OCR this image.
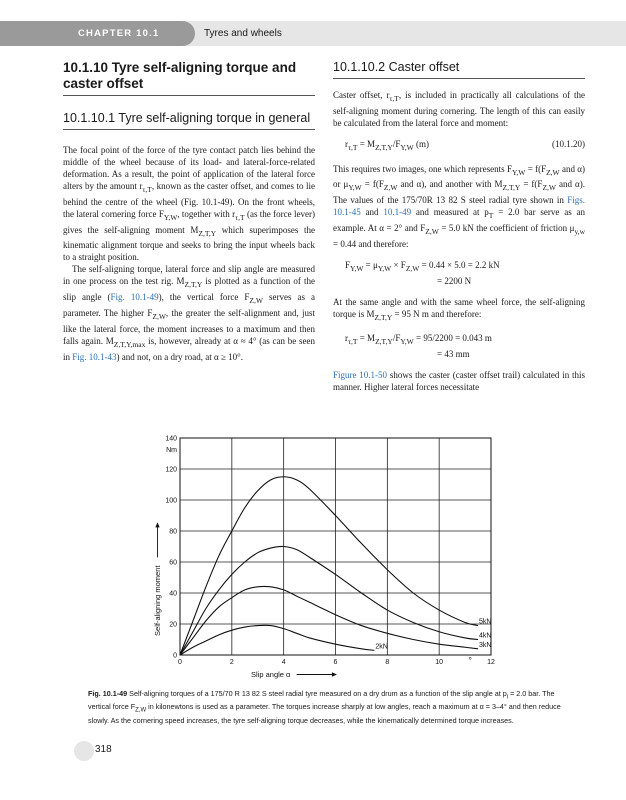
CHAPTER 10.1	Tyres and wheels
10.1.10 Tyre self-aligning torque and caster offset
10.1.10.1 Tyre self-aligning torque in general

The focal point of the force of the tyre contact patch lies behind the middle of the wheel because of its load- and lateral-force-related deformation. As a result, the point of application of the lateral force alters by the amount $r_{\tau,T}$, known as the caster offset, and comes to lie behind the centre of the wheel (Fig. 10.1-49). On the front wheels, the lateral cornering force $F_{Y,W}$, together with $r_{\tau,T}$ (as the force lever) gives the self-aligning moment $M_{Z,T,Y}$ which superimposes the kinematic alignment torque and seeks to bring the input wheels back to a straight position.

The self-aligning torque, lateral force and slip angle are measured in one process on the test rig. $M_{Z,T,Y}$ is plotted as a function of the slip angle (Fig. 10.1-49), the vertical force $F_{Z,W}$ serves as a parameter. The higher $F_{Z,W}$, the greater the self-alignment and, just like the lateral force, the moment increases to a maximum and then falls again. $M_{Z,T,Y,max}$ is, however, already at α ≈ 4° (as can be seen in Fig. 10.1-43) and not, on a dry road, at α ≥ 10°.

10.1.10.2 Caster offset

Caster offset, $r_{\tau,T}$, is included in practically all calculations of the self-aligning moment during cornering. The length of this can easily be calculated from the lateral force and moment:

$r_{\tau,T} = M_{Z,T,Y}/F_{Y,W}$ (m)	(10.1.20)

This requires two images, one which represents $F_{Y,W} = f(F_{Z,W}$ and α) or $\mu_{Y,W} = f(F_{Z,W}$ and α), and another with $M_{Z,T,Y} = f(F_{Z,W}$ and α). The values of the 175/70R 13 82 S steel radial tyre shown in Figs. 10.1-45 and 10.1-49 and measured at $p_T = 2.0$ bar serve as an example. At α = 2° and $F_{Z,W} = 5.0$ kN the coefficient of friction $\mu_{y,w} = 0.44$ and therefore:

$F_{Y,W} = \mu_{Y,W} \times F_{Z,W} = 0.44 \times 5.0 = 2.2$ kN
= 2200 N

At the same angle and with the same wheel force, the self-aligning torque is $M_{Z,T,Y} = 95$ N m and therefore:

$r_{\tau,T} = M_{Z,T,Y}/F_{Y,W} = 95/2200 = 0.043$ m
= 43 mm

Figure 10.1-50 shows the caster (caster offset trail) calculated in this manner. Higher lateral forces necessitate

0	2	4	6	8	10	12
0
20
40
60
80
100
120
140
Nm
°
Slip angle α
Self-aligning moment	5kN
4kN
3kN
2kN
Fig. 10.1-49 Self-aligning torques of a 175/70 R 13 82 S steel radial tyre measured on a dry drum as a function of the slip angle at $p_i = 2.0$ bar. The vertical force $F_{Z,W}$ in kilonewtons is used as a parameter. The torques increase sharply at low angles, reach a maximum at α = 3–4° and then reduce slowly. As the cornering speed increases, the tyre self-aligning torque decreases, while the kinematically determined torque increases.
318
